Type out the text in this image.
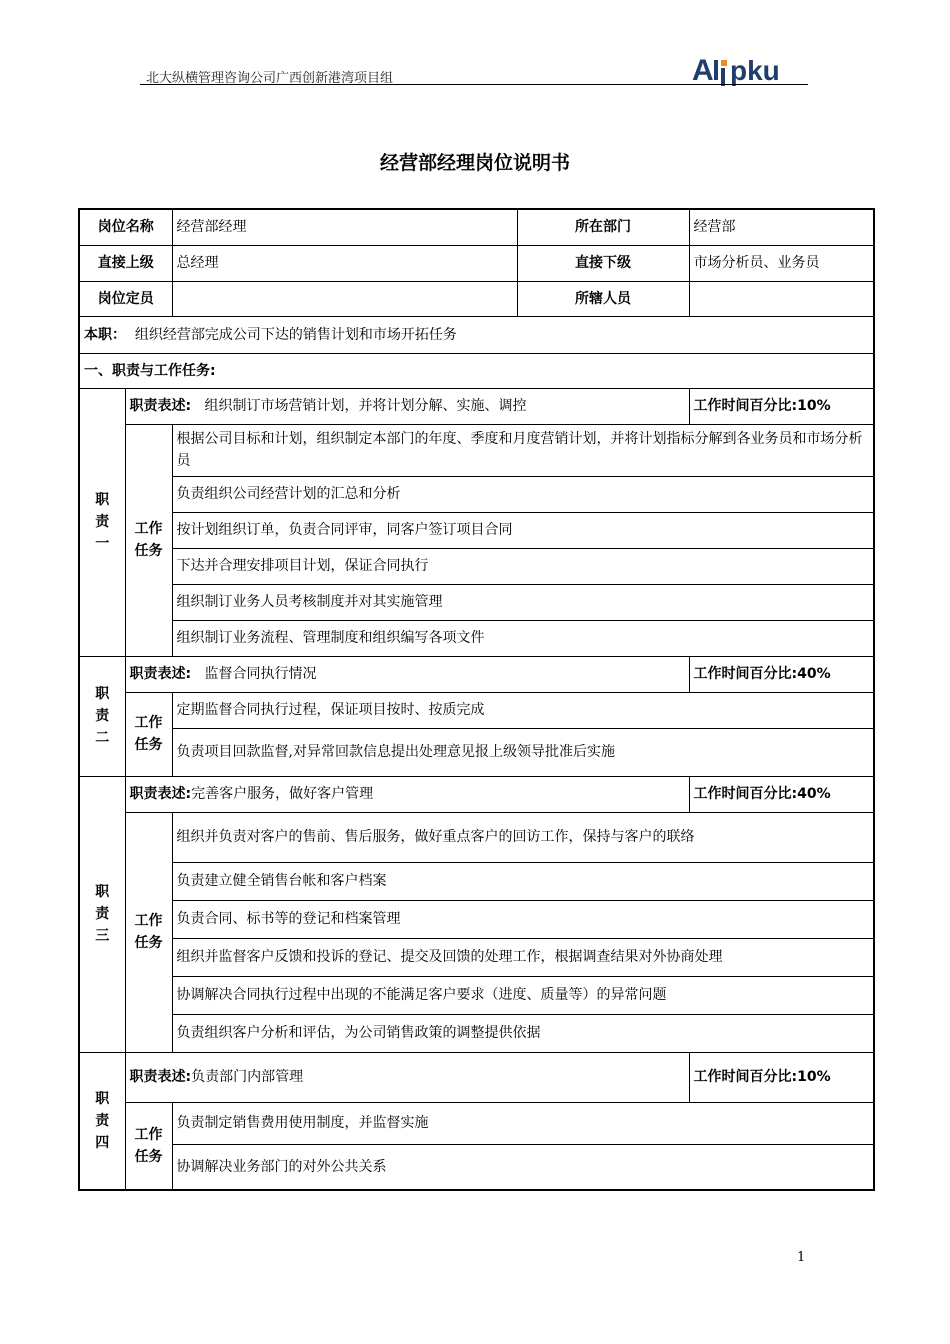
北大纵横管理咨询公司广西创新港湾项目组	A pku
经营部经理岗位说明书
岗位名称		经营部经理	所在部门	经营部
直接上级		总经理	直接下级	市场分析员、业务员
岗位定员			所辖人员	
本职： 组织经营部完成公司下达的销售计划和市场开拓任务				
一、职责与工作任务:				

职
责
一	职责表述: 组织制订市场营销计划，并将计划分解、实施、调控			工作时间百分比:10%

	工作
任务	根据公司目标和计划，组织制定本部门的年度、季度和月度营销计划，并将计划指标分解到各业务员和市场分析员		
		负责组织公司经营计划的汇总和分析		
		按计划组织订单，负责合同评审，同客户签订项目合同		
		下达并合理安排项目计划，保证合同执行		
		组织制订业务人员考核制度并对其实施管理		
		组织制订业务流程、管理制度和组织编写各项文件		

职
责
二	职责表述: 监督合同执行情况			工作时间百分比:40%

	工作
任务	定期监督合同执行过程，保证项目按时、按质完成		
		负责项目回款监督,对异常回款信息提出处理意见报上级领导批准后实施		

职
责
三	职责表述:完善客户服务，做好客户管理			工作时间百分比:40%

	工作
任务	组织并负责对客户的售前、售后服务，做好重点客户的回访工作，保持与客户的联络		
		负责建立健全销售台帐和客户档案		
		负责合同、标书等的登记和档案管理		
		组织并监督客户反馈和投诉的登记、提交及回馈的处理工作，根据调查结果对外协商处理		
		协调解决合同执行过程中出现的不能满足客户要求（进度、质量等）的异常问题		
		负责组织客户分析和评估，为公司销售政策的调整提供依据		

职
责
四	职责表述:负责部门内部管理			工作时间百分比:10%

	工作
任务	负责制定销售费用使用制度，并监督实施		
		协调解决业务部门的对外公共关系		
1
